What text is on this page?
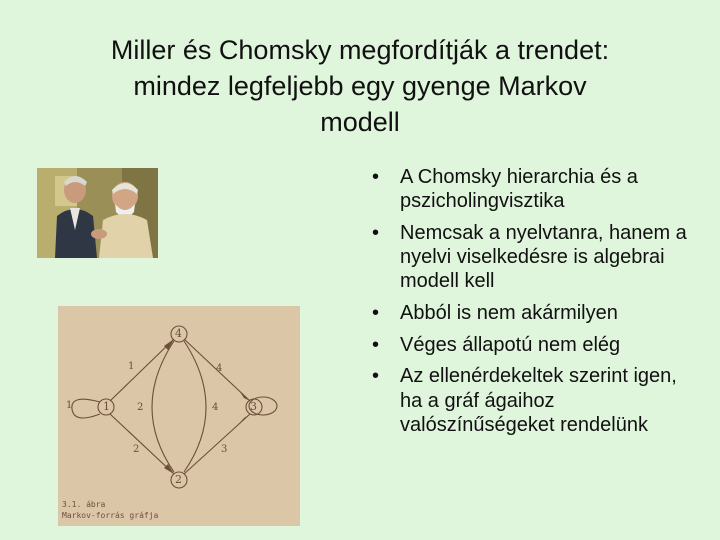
Miller és Chomsky megfordítják a trendet:
mindez legfeljebb egy gyenge Markov
modell
4
1	3
2
1	4
1	2	4
2	3
3.1. ábra
Markov-forrás gráfja
• A Chomsky hierarchia és a pszicholingvisztika
• Nemcsak a nyelvtanra, hanem a nyelvi viselkedésre is algebrai modell kell
• Abból is nem akármilyen
• Véges állapotú nem elég
• Az ellenérdekeltek szerint igen, ha a gráf ágaihoz valószínűségeket rendelünk
